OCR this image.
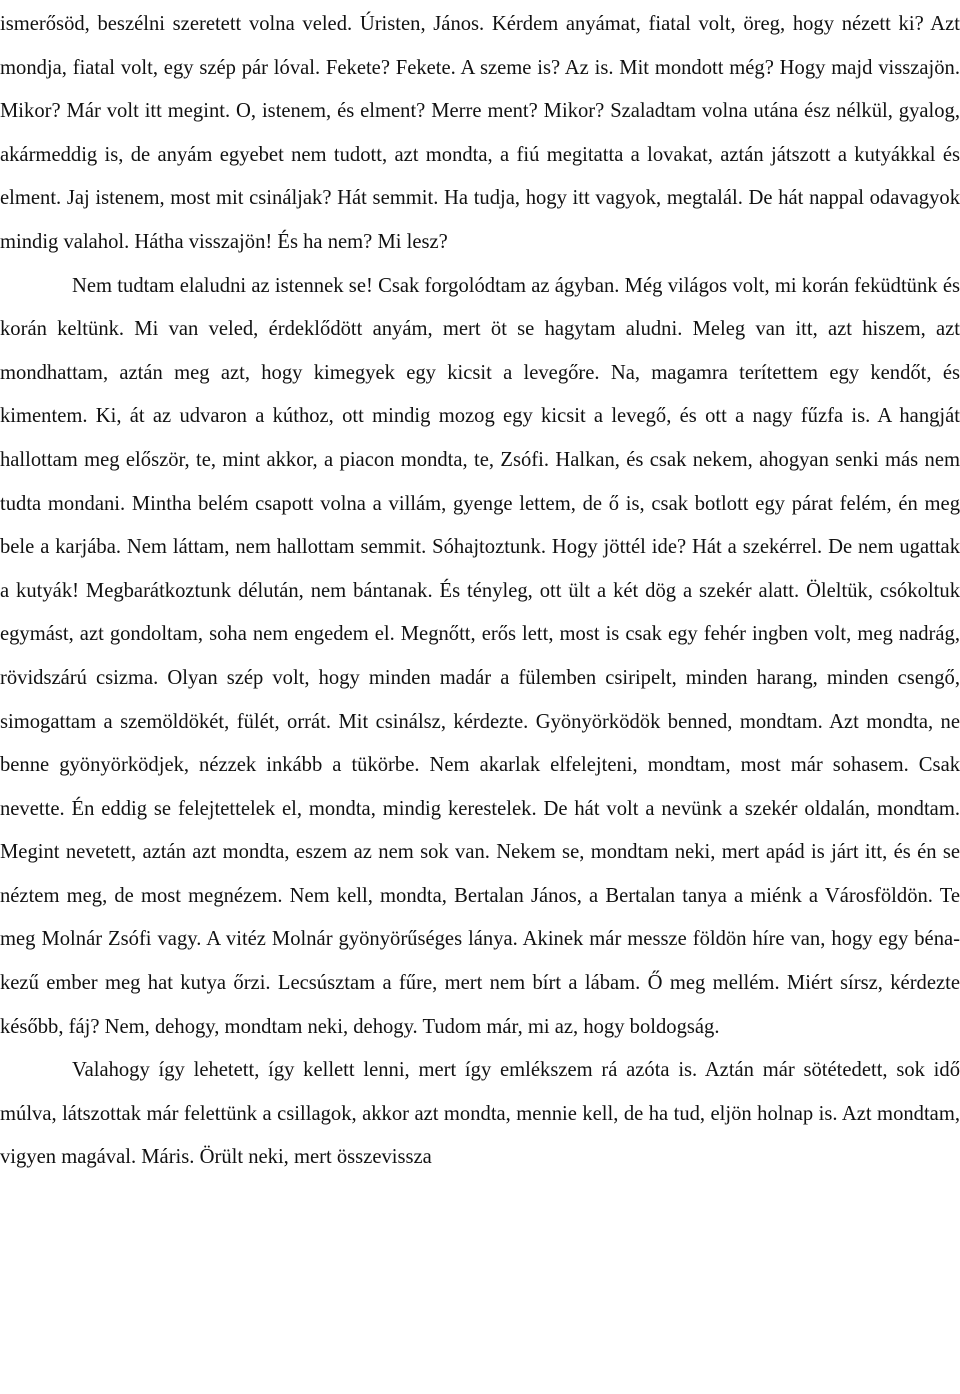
ismerősöd, beszélni szeretett volna veled. Úristen, János. Kérdem anyámat, fiatal volt, öreg, hogy nézett ki? Azt mondja, fiatal volt, egy szép pár lóval. Fekete? Fekete. A szeme is? Az is. Mit mondott még? Hogy majd visszajön. Mikor? Már volt itt megint. O, istenem, és elment? Merre ment? Mikor? Szaladtam volna utána ész nélkül, gyalog, akármeddig is, de anyám egyebet nem tudott, azt mondta, a fiú megitatta a lovakat, aztán játszott a kutyákkal és elment. Jaj istenem, most mit csináljak? Hát semmit. Ha tudja, hogy itt vagyok, megtalál. De hát nappal odavagyok mindig valahol. Hátha visszajön! És ha nem? Mi lesz?

Nem tudtam elaludni az istennek se! Csak forgolódtam az ágyban. Még világos volt, mi korán feküdtünk és korán keltünk. Mi van veled, érdeklődött anyám, mert öt se hagytam aludni. Meleg van itt, azt hiszem, azt mondhattam, aztán meg azt, hogy kimegyek egy kicsit a levegőre. Na, magamra terítettem egy kendőt, és kimentem. Ki, át az udvaron a kúthoz, ott mindig mozog egy kicsit a levegő, és ott a nagy fűzfa is. A hangját hallottam meg először, te, mint akkor, a piacon mondta, te, Zsófi. Halkan, és csak nekem, ahogyan senki más nem tudta mondani. Mintha belém csapott volna a villám, gyenge lettem, de ő is, csak botlott egy párat felém, én meg bele a karjába. Nem láttam, nem hallottam semmit. Sóhajtoztunk. Hogy jöttél ide? Hát a szekérrel. De nem ugattak a kutyák! Megbarátkoztunk délután, nem bántanak. És tényleg, ott ült a két dög a szekér alatt. Öleltük, csókoltuk egymást, azt gondoltam, soha nem engedem el. Megnőtt, erős lett, most is csak egy fehér ingben volt, meg nadrág, rövidszárú csizma. Olyan szép volt, hogy minden madár a fülemben csiripelt, minden harang, minden csengő, simogattam a szemöldökét, fülét, orrát. Mit csinálsz, kérdezte. Gyönyörködök benned, mondtam. Azt mondta, ne benne gyönyörködjek, nézzek inkább a tükörbe. Nem akarlak elfelejteni, mondtam, most már sohasem. Csak nevette. Én eddig se felejtettelek el, mondta, mindig kerestelek. De hát volt a nevünk a szekér oldalán, mondtam. Megint nevetett, aztán azt mondta, eszem az nem sok van. Nekem se, mondtam neki, mert apád is járt itt, és én se néztem meg, de most megnézem. Nem kell, mondta, Bertalan János, a Bertalan tanya a miénk a Városföldön. Te meg Molnár Zsófi vagy. A vitéz Molnár gyönyörűséges lánya. Akinek már messze földön híre van, hogy egy béna-kezű ember meg hat kutya őrzi. Lecsúsztam a fűre, mert nem bírt a lábam. Ő meg mellém. Miért sírsz, kérdezte később, fáj? Nem, dehogy, mondtam neki, dehogy. Tudom már, mi az, hogy boldogság.

Valahogy így lehetett, így kellett lenni, mert így emlékszem rá azóta is. Aztán már sötétedett, sok idő múlva, látszottak már felettünk a csillagok, akkor azt mondta, mennie kell, de ha tud, eljön holnap is. Azt mondtam, vigyen magával. Máris. Örült neki, mert összevissza
